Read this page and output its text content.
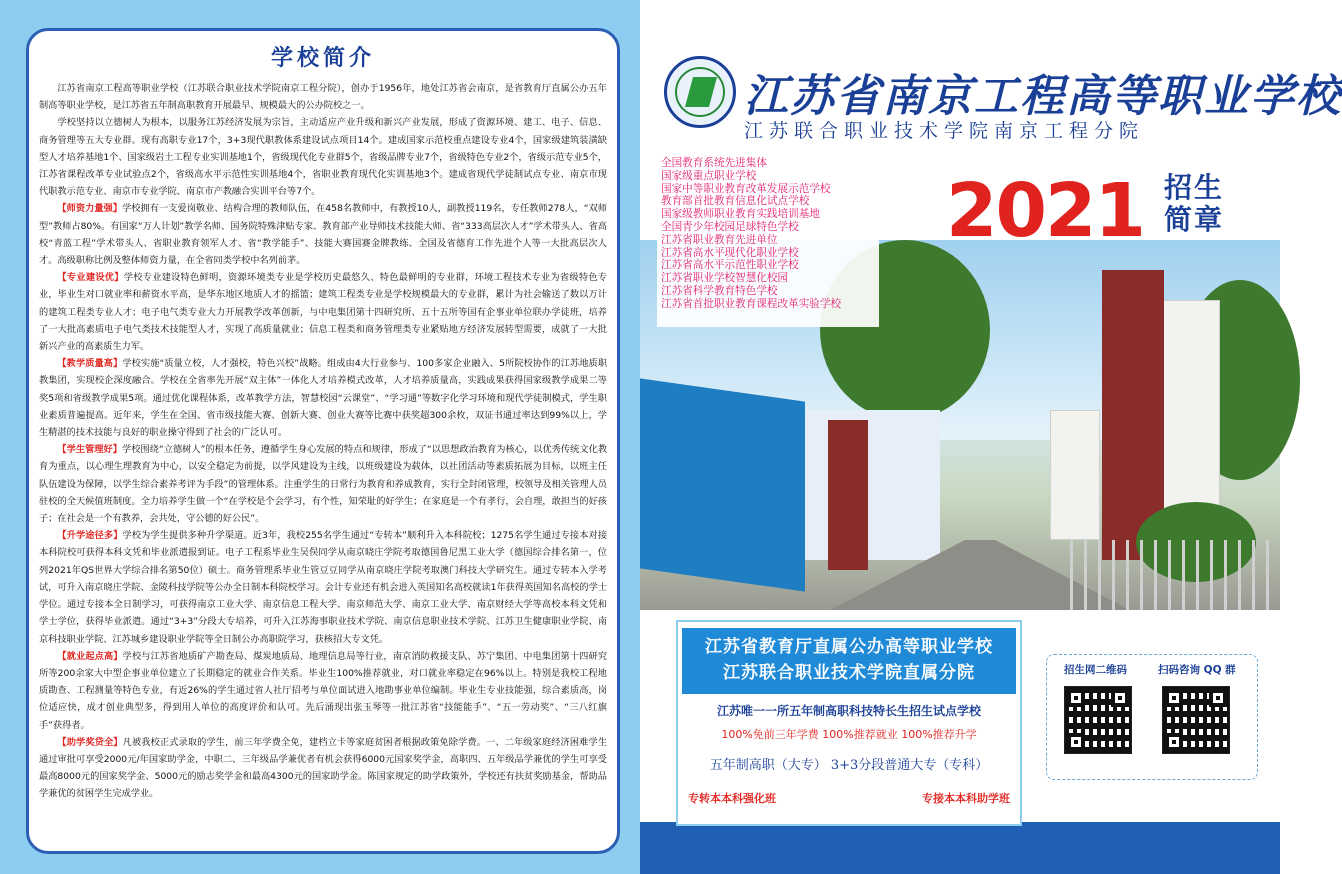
学校简介

江苏省南京工程高等职业学校（江苏联合职业技术学院南京工程分院），创办于1956年，地处江苏省会南京，是省教育厅直属公办五年制高等职业学校，是江苏省五年制高职教育开展最早、规模最大的公办院校之一。

学校坚持以立德树人为根本，以服务江苏经济发展为宗旨，主动适应产业升级和新兴产业发展，形成了资源环境、建工、电子、信息、商务管理等五大专业群。现有高职专业17个，3+3现代职教体系建设试点项目14个。建成国家示范校重点建设专业4个，国家级建筑装潢缺型人才培养基地1个、国家级岩土工程专业实训基地1个，省级现代化专业群5个，省级品牌专业7个，省级特色专业2个，省级示范专业5个，江苏省课程改革专业试验点2个，省级高水平示范性实训基地4个，省职业教育现代化实训基地3个。建成省现代学徒制试点专业、南京市现代职教示范专业、南京市专业学院、南京市产教融合实训平台等7个。

【师资力量强】学校拥有一支爱岗敬业、结构合理的教师队伍，在458名教师中，有教授10人，副教授119名，专任教师278人，“双师型”教师占80%。有国家“万人计划”教学名师、国务院特殊津贴专家、教育部产业导师技术技能大师、省“333高层次人才”学术带头人、省高校“青蓝工程”学术带头人、省职业教育领军人才、省“教学能手”、技能大赛国赛金牌教练、全国及省德育工作先进个人等一大批高层次人才。高级职称比例及整体师资力量，在全省同类学校中名列前茅。

【专业建设优】学校专业建设特色鲜明，资源环境类专业是学校历史最悠久、特色最鲜明的专业群，环境工程技术专业为省级特色专业，毕业生对口就业率和薪资水平高，是华东地区地质人才的摇篮；建筑工程类专业是学校规模最大的专业群，累计为社会输送了数以万计的建筑工程类专业人才；电子电气类专业大力开展教学改革创新，与中电集团第十四研究所、五十五所等国有企事业单位联办学徒班，培养了一大批高素质电子电气类技术技能型人才，实现了高质量就业；信息工程类和商务管理类专业紧贴地方经济发展转型需要，成就了一大批新兴产业的高素质生力军。

【教学质量高】学校实施“质量立校，人才强校，特色兴校”战略。组成由4大行业参与、100多家企业融入、5所院校协作的江苏地质职教集团，实现校企深度融合。学校在全省率先开展“双主体”一体化人才培养模式改革，人才培养质量高，实践成果获得国家级教学成果二等奖5项和省级教学成果5项。通过优化课程体系，改革教学方法，智慧校园“云课堂”、“学习通”等数字化学习环境和现代学徒制模式，学生职业素质普遍提高。近年来，学生在全国、省市级技能大赛、创新大赛、创业大赛等比赛中获奖超300余枚，双证书通过率达到99%以上，学生精湛的技术技能与良好的职业操守得到了社会的广泛认可。

【学生管理好】学校围绕“立德树人”的根本任务，遵循学生身心发展的特点和规律，形成了“以思想政治教育为核心，以优秀传统文化教育为重点，以心理生理教育为中心，以安全稳定为前提，以学风建设为主线，以班级建设为载体，以社团活动等素质拓展为目标，以班主任队伍建设为保障，以学生综合素养考评为手段”的管理体系。注重学生的日常行为教育和养成教育，实行全封闭管理，校领导及相关管理人员驻校的全天候值班制度。全力培养学生做一个“在学校是个会学习，有个性，知荣耻的好学生；在家庭是一个有孝行，会自理，敢担当的好孩子；在社会是一个有教养，会共处，守公德的好公民”。

【升学途径多】学校为学生提供多种升学渠道。近3年，我校255名学生通过“专转本”顺利升入本科院校；1275名学生通过专接本对接本科院校可获得本科文凭和毕业派遣报到证。电子工程系毕业生吴俣同学从南京晓庄学院考取德国鲁尼黑工业大学（德国综合排名第一，位列2021年QS世界大学综合排名第50位）硕士。商务管理系毕业生管豆豆同学从南京晓庄学院考取澳门科技大学研究生。通过专转本入学考试，可升入南京晓庄学院、金陵科技学院等公办全日制本科院校学习。会计专业还有机会进入英国知名高校就读1年获得英国知名高校的学士学位。通过专接本全日制学习，可获得南京工业大学、南京信息工程大学、南京师范大学、南京工业大学、南京财经大学等高校本科文凭和学士学位，获得毕业派遣。通过“3+3”分段大专培养，可升入江苏海事职业技术学院、南京信息职业技术学院、江苏卫生健康职业学院、南京科技职业学院、江苏城乡建设职业学院等全日制公办高职院学习，获核招大专文凭。

【就业起点高】学校与江苏省地质矿产勘查局、煤炭地质局、地理信息局等行业，南京消防救援支队、苏宁集团、中电集团第十四研究所等200余家大中型企事业单位建立了长期稳定的就业合作关系。毕业生100%推荐就业，对口就业率稳定在96%以上。特别是我校工程地质勘查、工程测量等特色专业，有近26%的学生通过省人社厅招考与单位面试进入地勘事业单位编制。毕业生专业技能强，综合素质高，岗位适应快，成才创业典型多，得到用人单位的高度评价和认可。先后涌现出张玉琴等一批江苏省“技能能手”、“五一劳动奖”、“三八红旗手”获得者。

【助学奖贷全】凡被我校正式录取的学生，前三年学费全免，建档立卡等家庭贫困者根据政策免除学费。一、二年级家庭经济困难学生通过审批可享受2000元/年国家助学金，中职二、三年级品学兼优者有机会获得6000元国家奖学金，高职四、五年级品学兼优的学生可享受最高8000元的国家奖学金、5000元的励志奖学金和最高4300元的国家助学金。陈国家规定的助学政策外，学校还有扶贫奖励基金，帮助品学兼优的贫困学生完成学业。

江苏省南京工程高等职业学校
江苏联合职业技术学院南京工程分院
全国教育系统先进集体
国家级重点职业学校
国家中等职业教育改革发展示范学校
教育部首批教育信息化试点学校
国家级教师职业教育实践培训基地
全国青少年校园足球特色学校
江苏省职业教育先进单位
江苏省高水平现代化职业学校
江苏省高水平示范性职业学校
江苏省职业学校智慧化校园
江苏省科学教育特色学校
江苏省首批职业教育课程改革实验学校
2021 招生
简章
江苏省教育厅直属公办高等职业学校
江苏联合职业技术学院直属分院
江苏唯一一所五年制高职科技特长生招生试点学校
100%免前三年学费 100%推荐就业 100%推荐升学
五年制高职（大专） 3+3分段普通大专（专科）
专转本本科强化班	专接本本科助学班
招生网二维码	扫码咨询 QQ 群
